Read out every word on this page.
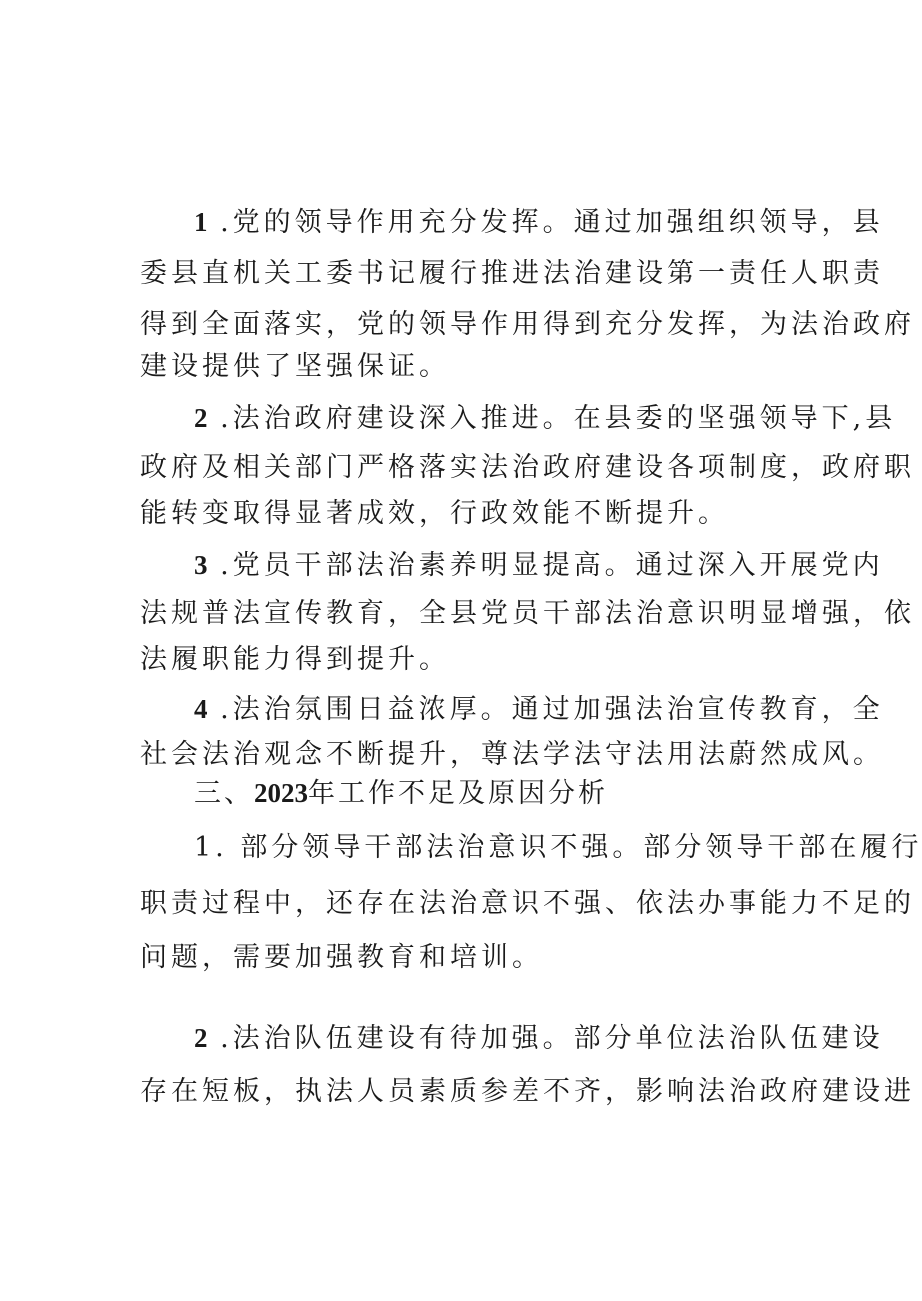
1 .党的领导作用充分发挥。通过加强组织领导，县
委县直机关工委书记履行推进法治建设第一责任人职责
得到全面落实，党的领导作用得到充分发挥，为法治政府
建设提供了坚强保证。
2 .法治政府建设深入推进。在县委的坚强领导下,县
政府及相关部门严格落实法治政府建设各项制度，政府职
能转变取得显著成效，行政效能不断提升。
3 .党员干部法治素养明显提高。通过深入开展党内
法规普法宣传教育，全县党员干部法治意识明显增强，依
法履职能力得到提升。
4 .法治氛围日益浓厚。通过加强法治宣传教育，全
社会法治观念不断提升，尊法学法守法用法蔚然成风。
三、2023年工作不足及原因分析
1. 部分领导干部法治意识不强。部分领导干部在履行
职责过程中，还存在法治意识不强、依法办事能力不足的
问题，需要加强教育和培训。
2 .法治队伍建设有待加强。部分单位法治队伍建设
存在短板，执法人员素质参差不齐，影响法治政府建设进
